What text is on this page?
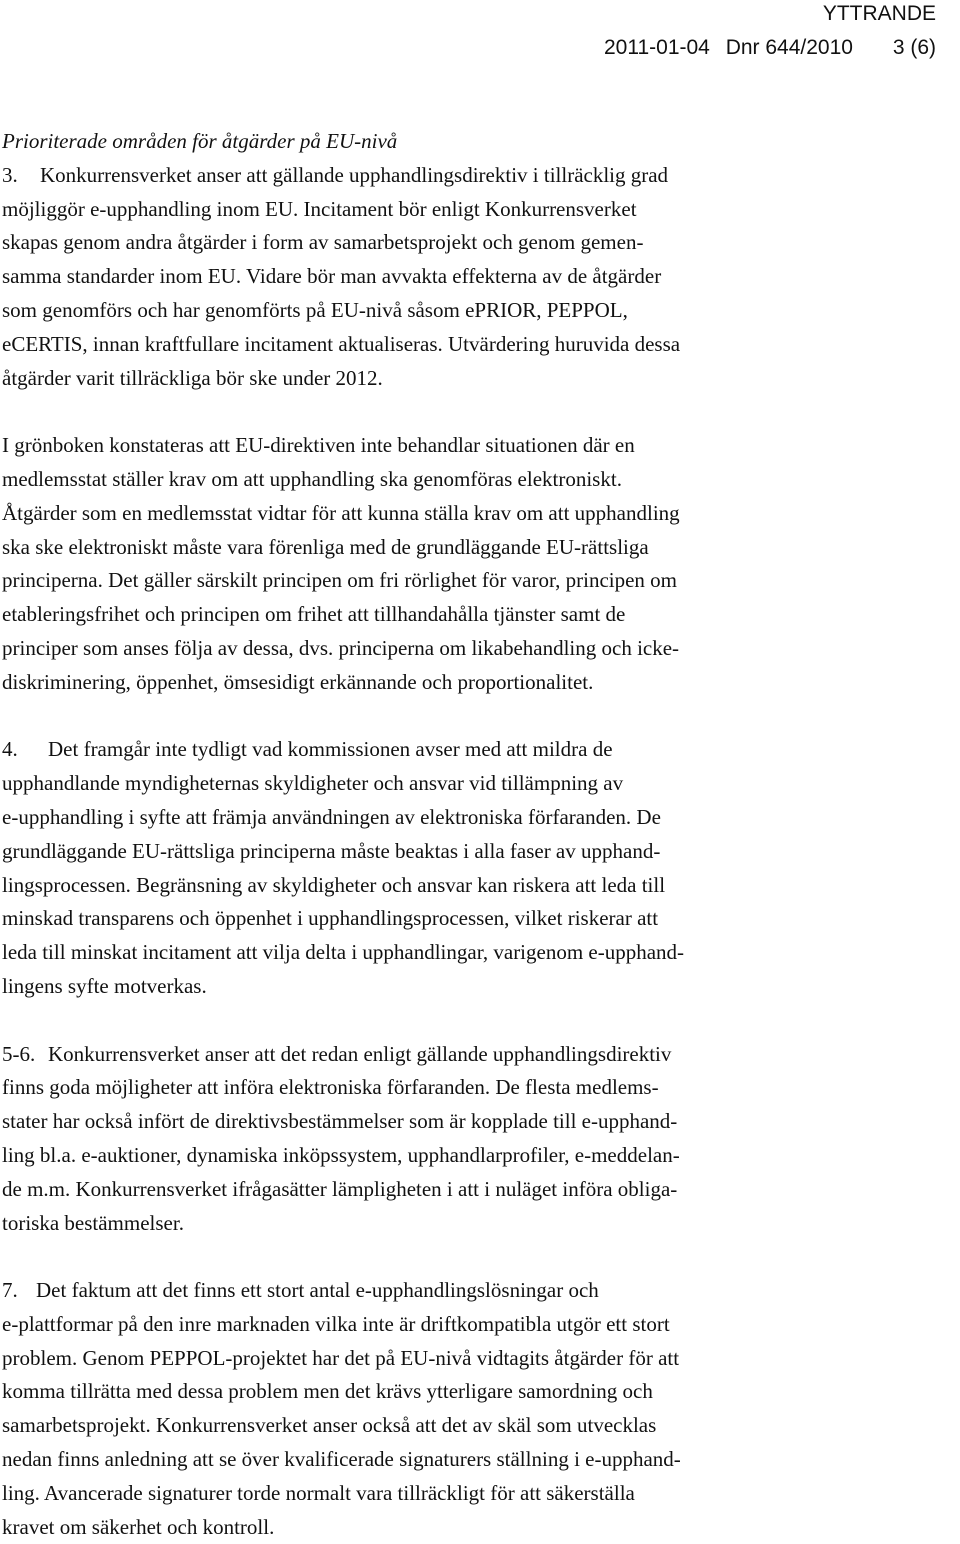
YTTRANDE
2011-01-04 Dnr 644/2010 3 (6)
Prioriterade områden för åtgärder på EU-nivå
3. Konkurrensverket anser att gällande upphandlingsdirektiv i tillräcklig grad
möjliggör e-upphandling inom EU. Incitament bör enligt Konkurrensverket
skapas genom andra åtgärder i form av samarbetsprojekt och genom gemen-
samma standarder inom EU. Vidare bör man avvakta effekterna av de åtgärder
som genomförs och har genomförts på EU-nivå såsom ePRIOR, PEPPOL,
eCERTIS, innan kraftfullare incitament aktualiseras. Utvärdering huruvida dessa
åtgärder varit tillräckliga bör ske under 2012.
I grönboken konstateras att EU-direktiven inte behandlar situationen där en
medlemsstat ställer krav om att upphandling ska genomföras elektroniskt.
Åtgärder som en medlemsstat vidtar för att kunna ställa krav om att upphandling
ska ske elektroniskt måste vara förenliga med de grundläggande EU-rättsliga
principerna. Det gäller särskilt principen om fri rörlighet för varor, principen om
etableringsfrihet och principen om frihet att tillhandahålla tjänster samt de
principer som anses följa av dessa, dvs. principerna om likabehandling och icke-
diskriminering, öppenhet, ömsesidigt erkännande och proportionalitet.
4. Det framgår inte tydligt vad kommissionen avser med att mildra de
upphandlande myndigheternas skyldigheter och ansvar vid tillämpning av
e-upphandling i syfte att främja användningen av elektroniska förfaranden. De
grundläggande EU-rättsliga principerna måste beaktas i alla faser av upphand-
lingsprocessen. Begränsning av skyldigheter och ansvar kan riskera att leda till
minskad transparens och öppenhet i upphandlingsprocessen, vilket riskerar att
leda till minskat incitament att vilja delta i upphandlingar, varigenom e-upphand-
lingens syfte motverkas.
5-6. Konkurrensverket anser att det redan enligt gällande upphandlingsdirektiv
finns goda möjligheter att införa elektroniska förfaranden. De flesta medlems-
stater har också infört de direktivsbestämmelser som är kopplade till e-upphand-
ling bl.a. e-auktioner, dynamiska inköpssystem, upphandlarprofiler, e-meddelan-
de m.m. Konkurrensverket ifrågasätter lämpligheten i att i nuläget införa obliga-
toriska bestämmelser.
7. Det faktum att det finns ett stort antal e-upphandlingslösningar och
e-plattformar på den inre marknaden vilka inte är driftkompatibla utgör ett stort
problem. Genom PEPPOL-projektet har det på EU-nivå vidtagits åtgärder för att
komma tillrätta med dessa problem men det krävs ytterligare samordning och
samarbetsprojekt. Konkurrensverket anser också att det av skäl som utvecklas
nedan finns anledning att se över kvalificerade signaturers ställning i e-upphand-
ling. Avancerade signaturer torde normalt vara tillräckligt för att säkerställa
kravet om säkerhet och kontroll.
